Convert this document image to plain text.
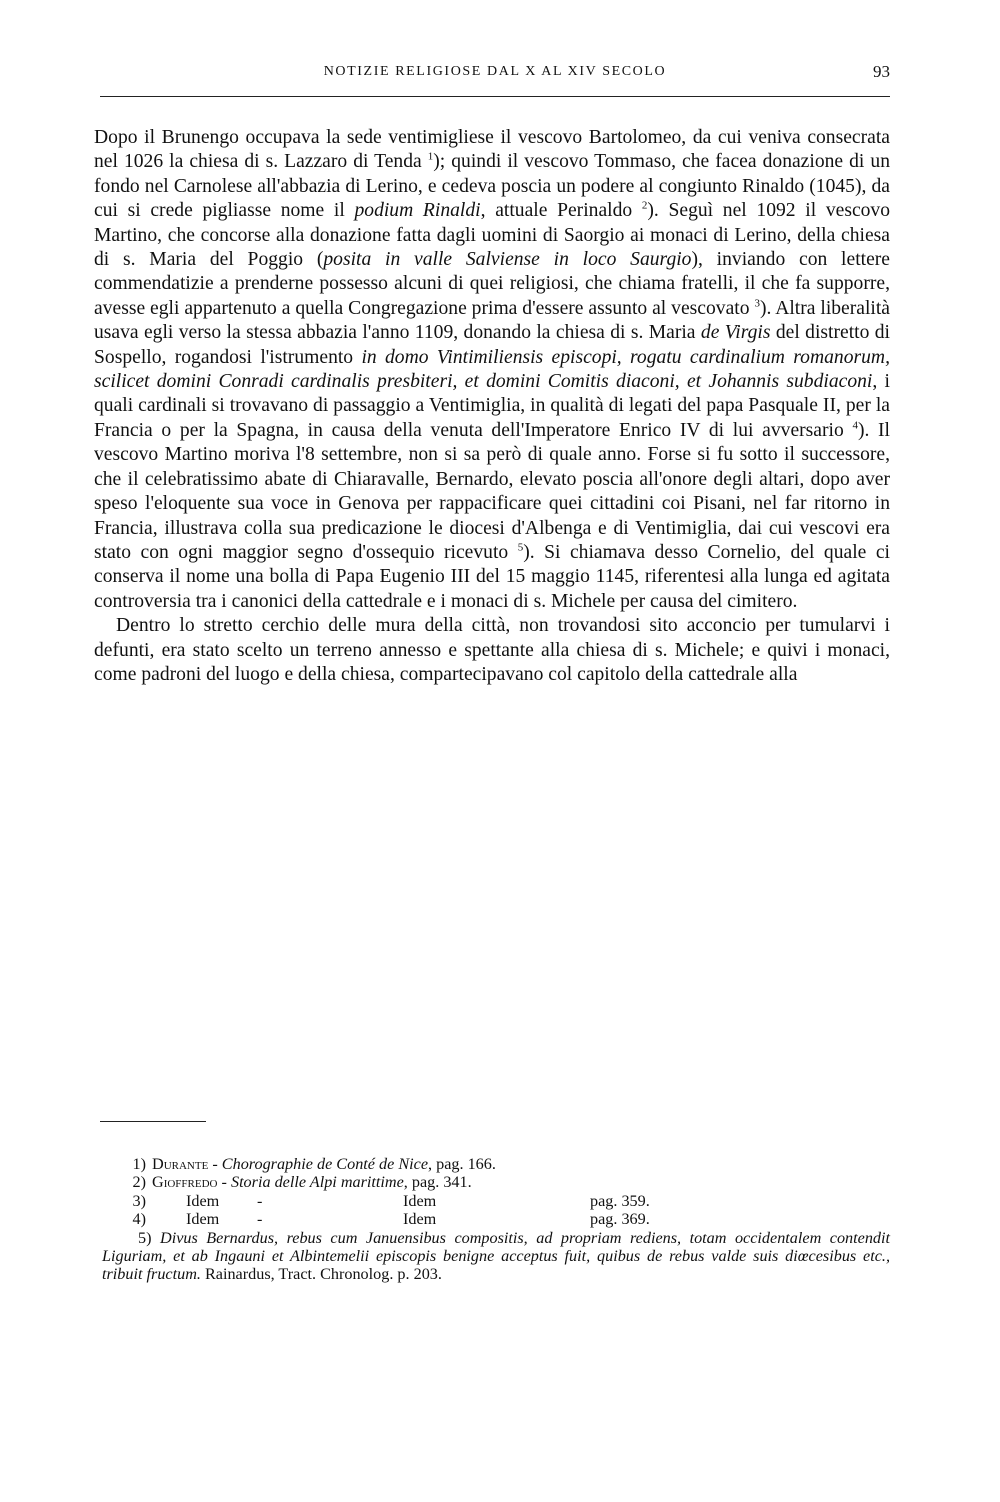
NOTIZIE RELIGIOSE DAL X AL XIV SECOLO	93

Dopo il Brunengo occupava la sede ventimigliese il vescovo Bartolomeo, da cui veniva consecrata nel 1026 la chiesa di s. Lazzaro di Tenda $^1$); quindi il vescovo Tommaso, che facea donazione di un fondo nel Carnolese all'abbazia di Lerino, e cedeva poscia un podere al congiunto Rinaldo (1045), da cui si crede pigliasse nome il podium Rinaldi, attuale Perinaldo $^2$). Seguì nel 1092 il vescovo Martino, che concorse alla donazione fatta dagli uomini di Saorgio ai monaci di Lerino, della chiesa di s. Maria del Poggio (posita in valle Salviense in loco Saurgio), inviando con lettere commendatizie a prenderne possesso alcuni di quei religiosi, che chiama fratelli, il che fa supporre, avesse egli appartenuto a quella Congregazione prima d'essere assunto al vescovato $^3$). Altra liberalità usava egli verso la stessa abbazia l'anno 1109, donando la chiesa di s. Maria de Virgis del distretto di Sospello, rogandosi l'istrumento in domo Vintimiliensis episcopi, rogatu cardinalium romanorum, scilicet domini Conradi cardinalis presbiteri, et domini Comitis diaconi, et Johannis subdiaconi, i quali cardinali si trovavano di passaggio a Ventimiglia, in qualità di legati del papa Pasquale II, per la Francia o per la Spagna, in causa della venuta dell'Imperatore Enrico IV di lui avversario $^4$). Il vescovo Martino moriva l'8 settembre, non si sa però di quale anno. Forse si fu sotto il successore, che il celebratissimo abate di Chiaravalle, Bernardo, elevato poscia all'onore degli altari, dopo aver speso l'eloquente sua voce in Genova per rappacificare quei cittadini coi Pisani, nel far ritorno in Francia, illustrava colla sua predicazione le diocesi d'Albenga e di Ventimiglia, dai cui vescovi era stato con ogni maggior segno d'ossequio ricevuto $^5$). Si chiamava desso Cornelio, del quale ci conserva il nome una bolla di Papa Eugenio III del 15 maggio 1145, riferentesi alla lunga ed agitata controversia tra i canonici della cattedrale e i monaci di s. Michele per causa del cimitero.

Dentro lo stretto cerchio delle mura della città, non trovandosi sito acconcio per tumularvi i defunti, era stato scelto un terreno annesso e spettante alla chiesa di s. Michele; e quivi i monaci, come padroni del luogo e della chiesa, compartecipavano col capitolo della cattedrale alla

1) Durante - Chorographie de Conté de Nice, pag. 166.
2) Gioffredo - Storia delle Alpi marittime, pag. 341.
3) Idem -	Idem	pag. 359.
4) Idem -	Idem	pag. 369.

5) Divus Bernardus, rebus cum Januensibus compositis, ad propriam rediens, totam occidentalem contendit Liguriam, et ab Ingauni et Albintemelii episcopis benigne acceptus fuit, quibus de rebus valde suis diœcesibus etc., tribuit fructum. Rainardus, Tract. Chronolog. p. 203.
